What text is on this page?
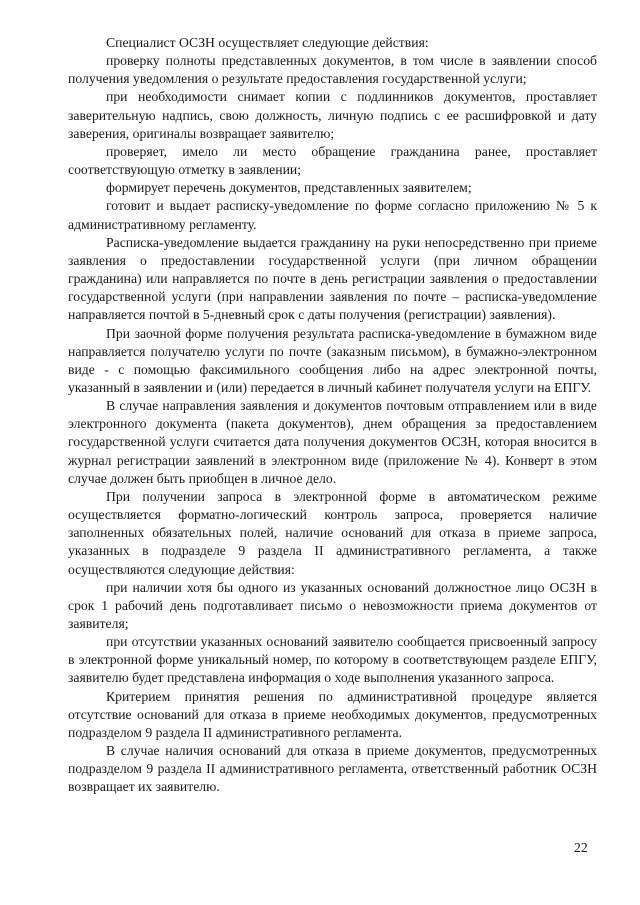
Специалист ОСЗН осуществляет следующие действия:

проверку полноты представленных документов, в том числе в заявлении способ получения уведомления о результате предоставления государственной услуги;

при необходимости снимает копии с подлинников документов, проставляет заверительную надпись, свою должность, личную подпись с ее расшифровкой и дату заверения, оригиналы возвращает заявителю;

проверяет, имело ли место обращение гражданина ранее, проставляет соответствующую отметку в заявлении;

формирует перечень документов, представленных заявителем;

готовит и выдает расписку-уведомление по форме согласно приложению № 5 к административному регламенту.

Расписка-уведомление выдается гражданину на руки непосредственно при приеме заявления о предоставлении государственной услуги (при личном обращении гражданина) или направляется по почте в день регистрации заявления о предоставлении государственной услуги (при направлении заявления по почте – расписка-уведомление направляется почтой в 5-дневный срок с даты получения (регистрации) заявления).

При заочной форме получения результата расписка-уведомление в бумажном виде направляется получателю услуги по почте (заказным письмом), в бумажно-электронном виде - с помощью факсимильного сообщения либо на адрес электронной почты, указанный в заявлении и (или) передается в личный кабинет получателя услуги на ЕПГУ.

В случае направления заявления и документов почтовым отправлением или в виде электронного документа (пакета документов), днем обращения за предоставлением государственной услуги считается дата получения документов ОСЗН, которая вносится в журнал регистрации заявлений в электронном виде (приложение № 4). Конверт в этом случае должен быть приобщен в личное дело.

При получении запроса в электронной форме в автоматическом режиме осуществляется форматно-логический контроль запроса, проверяется наличие заполненных обязательных полей, наличие оснований для отказа в приеме запроса, указанных в подразделе 9 раздела II административного регламента, а также осуществляются следующие действия:

при наличии хотя бы одного из указанных оснований должностное лицо ОСЗН в срок 1 рабочий день подготавливает письмо о невозможности приема документов от заявителя;

при отсутствии указанных оснований заявителю сообщается присвоенный запросу в электронной форме уникальный номер, по которому в соответствующем разделе ЕПГУ, заявителю будет представлена информация о ходе выполнения указанного запроса.

Критерием принятия решения по административной процедуре является отсутствие оснований для отказа в приеме необходимых документов, предусмотренных подразделом 9 раздела II административного регламента.

В случае наличия оснований для отказа в приеме документов, предусмотренных подразделом 9 раздела II административного регламента, ответственный работник ОСЗН возвращает их заявителю.

22
